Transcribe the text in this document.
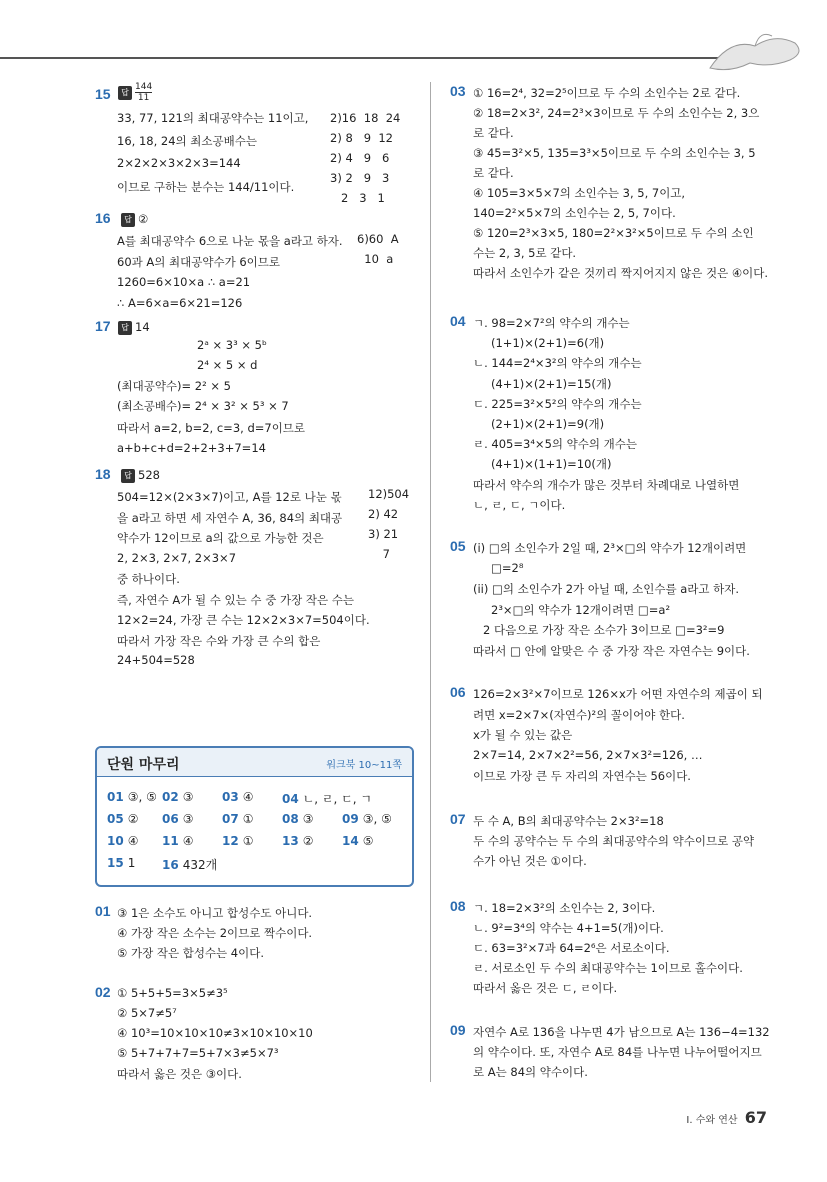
단원 마무리	워크북 10~11쪽
01 ③, ⑤ 02 ③ 03 ④ 04 ㄴ, ㄹ, ㄷ, ㄱ
05 ② 06 ③ 07 ① 08 ③ 09 ③, ⑤
10 ④ 11 ④ 12 ① 13 ② 14 ⑤
15 1 16 432개
I. 수와 연산 67
15	답 $\frac{144}{11}$
33, 77, 121의 최대공약수는 11이고,
16, 18, 24의 최소공배수는
2×2×2×3×2×3=144
이므로 구하는 분수는 144/11이다.
2)16  18  24
2) 8   9  12
2) 4   9   6
3) 2   9   3
2   3   1
16	답 ②
A를 최대공약수 6으로 나눈 몫을 a라고 하자.
60과 A의 최대공약수가 6이므로
1260=6×10×a ∴ a=21
∴ A=6×a=6×21=126
6)60  A
10  a
17	답 14
2ᵃ × 3³ × 5ᵇ
2⁴ × 5 × d
(최대공약수)= 2² × 5
(최소공배수)= 2⁴ × 3² × 5³ × 7
따라서 a=2, b=2, c=3, d=7이므로
a+b+c+d=2+2+3+7=14
18	답 528
504=12×(2×3×7)이고, A를 12로 나눈 몫
을 a라고 하면 세 자연수 A, 36, 84의 최대공
약수가 12이므로 a의 값으로 가능한 것은
2, 2×3, 2×7, 2×3×7
중 하나이다.
즉, 자연수 A가 될 수 있는 수 중 가장 작은 수는
12×2=24, 가장 큰 수는 12×2×3×7=504이다.
따라서 가장 작은 수와 가장 큰 수의 합은
24+504=528
12)504
2) 42
3) 21
7
01 ③ 1은 소수도 아니고 합성수도 아니다.
④ 가장 작은 소수는 2이므로 짝수이다.
⑤ 가장 작은 합성수는 4이다.
02 ① 5+5+5=3×5≠3⁵
② 5×7≠5⁷
④ 10³=10×10×10≠3×10×10×10
⑤ 5+7+7+7=5+7×3≠5×7³
따라서 옳은 것은 ③이다.
03 ① 16=2⁴, 32=2⁵이므로 두 수의 소인수는 2로 같다.
② 18=2×3², 24=2³×3이므로 두 수의 소인수는 2, 3으
로 같다.
③ 45=3²×5, 135=3³×5이므로 두 수의 소인수는 3, 5
로 같다.
④ 105=3×5×7의 소인수는 3, 5, 7이고,
140=2²×5×7의 소인수는 2, 5, 7이다.
⑤ 120=2³×3×5, 180=2²×3²×5이므로 두 수의 소인
수는 2, 3, 5로 같다.
따라서 소인수가 같은 것끼리 짝지어지지 않은 것은 ④이다.
04 ㄱ. 98=2×7²의 약수의 개수는
(1+1)×(2+1)=6(개)
ㄴ. 144=2⁴×3²의 약수의 개수는
(4+1)×(2+1)=15(개)
ㄷ. 225=3²×5²의 약수의 개수는
(2+1)×(2+1)=9(개)
ㄹ. 405=3⁴×5의 약수의 개수는
(4+1)×(1+1)=10(개)
따라서 약수의 개수가 많은 것부터 차례대로 나열하면
ㄴ, ㄹ, ㄷ, ㄱ이다.
05 (i) □의 소인수가 2일 때, 2³×□의 약수가 12개이려면
□=2⁸
(ii) □의 소인수가 2가 아닐 때, 소인수를 a라고 하자.
2³×□의 약수가 12개이려면 □=a²
2 다음으로 가장 작은 소수가 3이므로 □=3²=9
따라서 □ 안에 알맞은 수 중 가장 작은 자연수는 9이다.
06 126=2×3²×7이므로 126×x가 어떤 자연수의 제곱이 되
려면 x=2×7×(자연수)²의 꼴이어야 한다.
x가 될 수 있는 값은
2×7=14, 2×7×2²=56, 2×7×3²=126, …
이므로 가장 큰 두 자리의 자연수는 56이다.
07 두 수 A, B의 최대공약수는 2×3²=18
두 수의 공약수는 두 수의 최대공약수의 약수이므로 공약
수가 아닌 것은 ①이다.
08 ㄱ. 18=2×3²의 소인수는 2, 3이다.
ㄴ. 9²=3⁴의 약수는 4+1=5(개)이다.
ㄷ. 63=3²×7과 64=2⁶은 서로소이다.
ㄹ. 서로소인 두 수의 최대공약수는 1이므로 홀수이다.
따라서 옳은 것은 ㄷ, ㄹ이다.
09 자연수 A로 136을 나누면 4가 남으므로 A는 136−4=132
의 약수이다. 또, 자연수 A로 84를 나누면 나누어떨어지므
로 A는 84의 약수이다.
